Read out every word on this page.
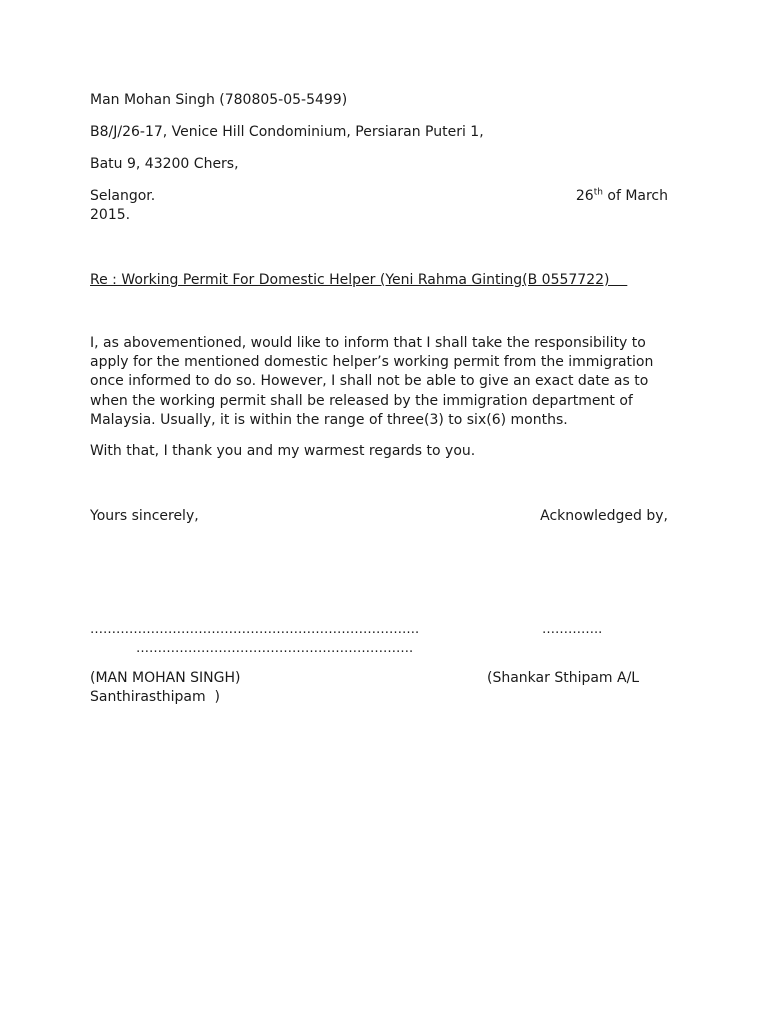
Man Mohan Singh (780805-05-5499)
B8/J/26-17, Venice Hill Condominium, Persiaran Puteri 1,
Batu 9, 43200 Chers,
Selangor.	26th of March
2015.
Re : Working Permit For Domestic Helper (Yeni Rahma Ginting(B 0557722)
I, as abovementioned, would like to inform that I shall take the responsibility to apply for the mentioned domestic helper’s working permit from the immigration once informed to do so. However, I shall not be able to give an exact date as to when the working permit shall be released by the immigration department of Malaysia. Usually, it is within the range of three(3) to six(6) months.
With that, I thank you and my warmest regards to you.
Yours sincerely,	Acknowledged by,
………………………………………………………………….	…………..
……………………………………………………….
(MAN MOHAN SINGH)	(Shankar Sthipam A/L
Santhirasthipam  )
